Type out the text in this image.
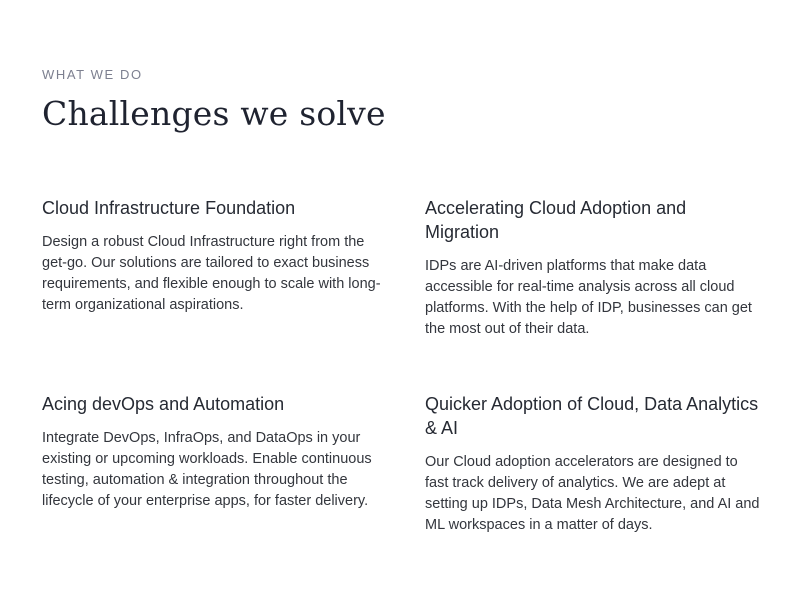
WHAT WE DO

Challenges we solve
Cloud Infrastructure Foundation

Design a robust Cloud Infrastructure right from the get-go. Our solutions are tailored to exact business requirements, and flexible enough to scale with long-term organizational aspirations.

Accelerating Cloud Adoption and Migration

IDPs are AI-driven platforms that make data accessible for real-time analysis across all cloud platforms. With the help of IDP, businesses can get the most out of their data.

Acing devOps and Automation

Integrate DevOps, InfraOps, and DataOps in your existing or upcoming workloads. Enable continuous testing, automation & integration throughout the lifecycle of your enterprise apps, for faster delivery.

Quicker Adoption of Cloud, Data Analytics & AI

Our Cloud adoption accelerators are designed to fast track delivery of analytics. We are adept at setting up IDPs, Data Mesh Architecture, and AI and ML workspaces in a matter of days.
